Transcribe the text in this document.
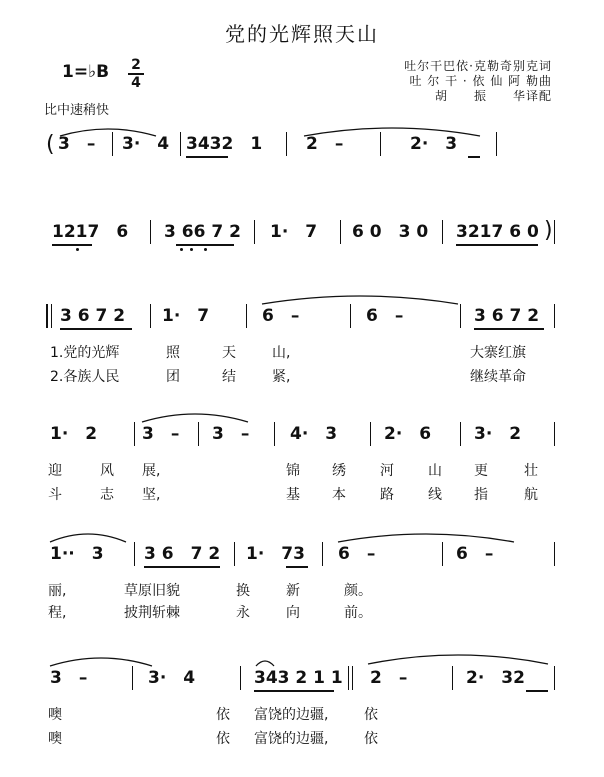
党的光辉照天山
1=♭B 2
4
吐尔干巴依·克勒奇别克词
吐 尔 干 · 依 仙 阿 勒曲
胡　　振　　华译配
比中速稍快
( 3　– 3·　4 3432　1	2　–	2·　3
1217　6 3 66 7 2 1·　7 6 0　3 0 3217 6 0 )
3 6 7 2 1·　7	6　–	6　–	3 6 7 2
1.党的光辉	照	天	山,	大寨红旗
2.各族人民	团	结	紧,	继续革命
1·　2	3　– 3　– 4·　3	2·　6	3·　2
迎	风 展,	锦 绣 河 山 更	壮
斗	志 坚,	基 本 路 线 指	航
1··　3 3 6　7 2 1·　73 6　–	6　–
丽,	草原旧貌	换	新	颜。
程,	披荆斩棘	永	向	前。
3　–	3·　4	343 2 1 1 2　–	2·　32
噢	依 富饶的边疆,	依
噢	依 富饶的边疆,	依
